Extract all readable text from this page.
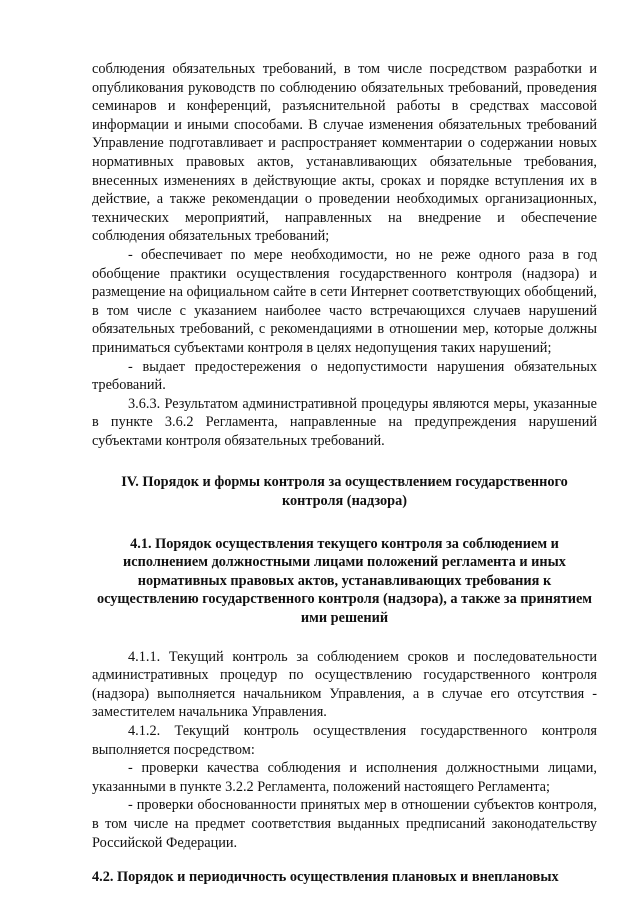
соблюдения обязательных требований, в том числе посредством разработки и опубликования руководств по соблюдению обязательных требований, проведения семинаров и конференций, разъяснительной работы в средствах массовой информации и иными способами. В случае изменения обязательных требований Управление подготавливает и распространяет комментарии о содержании новых нормативных правовых актов, устанавливающих обязательные требования, внесенных изменениях в действующие акты, сроках и порядке вступления их в действие, а также рекомендации о проведении необходимых организационных, технических мероприятий, направленных на внедрение и обеспечение соблюдения обязательных требований;

- обеспечивает по мере необходимости, но не реже одного раза в год обобщение практики осуществления государственного контроля (надзора) и размещение на официальном сайте в сети Интернет соответствующих обобщений, в том числе с указанием наиболее часто встречающихся случаев нарушений обязательных требований, с рекомендациями в отношении мер, которые должны приниматься субъектами контроля в целях недопущения таких нарушений;

- выдает предостережения о недопустимости нарушения обязательных требований.

3.6.3. Результатом административной процедуры являются меры, указанные в пункте 3.6.2 Регламента, направленные на предупреждения нарушений субъектами контроля обязательных требований.

IV. Порядок и формы контроля за осуществлением государственного контроля (надзора)

4.1. Порядок осуществления текущего контроля за соблюдением и исполнением должностными лицами положений регламента и иных нормативных правовых актов, устанавливающих требования к осуществлению государственного контроля (надзора), а также за принятием ими решений

4.1.1. Текущий контроль за соблюдением сроков и последовательности административных процедур по осуществлению государственного контроля (надзора) выполняется начальником Управления, а в случае его отсутствия - заместителем начальника Управления.

4.1.2. Текущий контроль осуществления государственного контроля выполняется посредством:

- проверки качества соблюдения и исполнения должностными лицами, указанными в пункте 3.2.2 Регламента, положений настоящего Регламента;

- проверки обоснованности принятых мер в отношении субъектов контроля, в том числе на предмет соответствия выданных предписаний законодательству Российской Федерации.

4.2. Порядок и периодичность осуществления плановых и внеплановых
